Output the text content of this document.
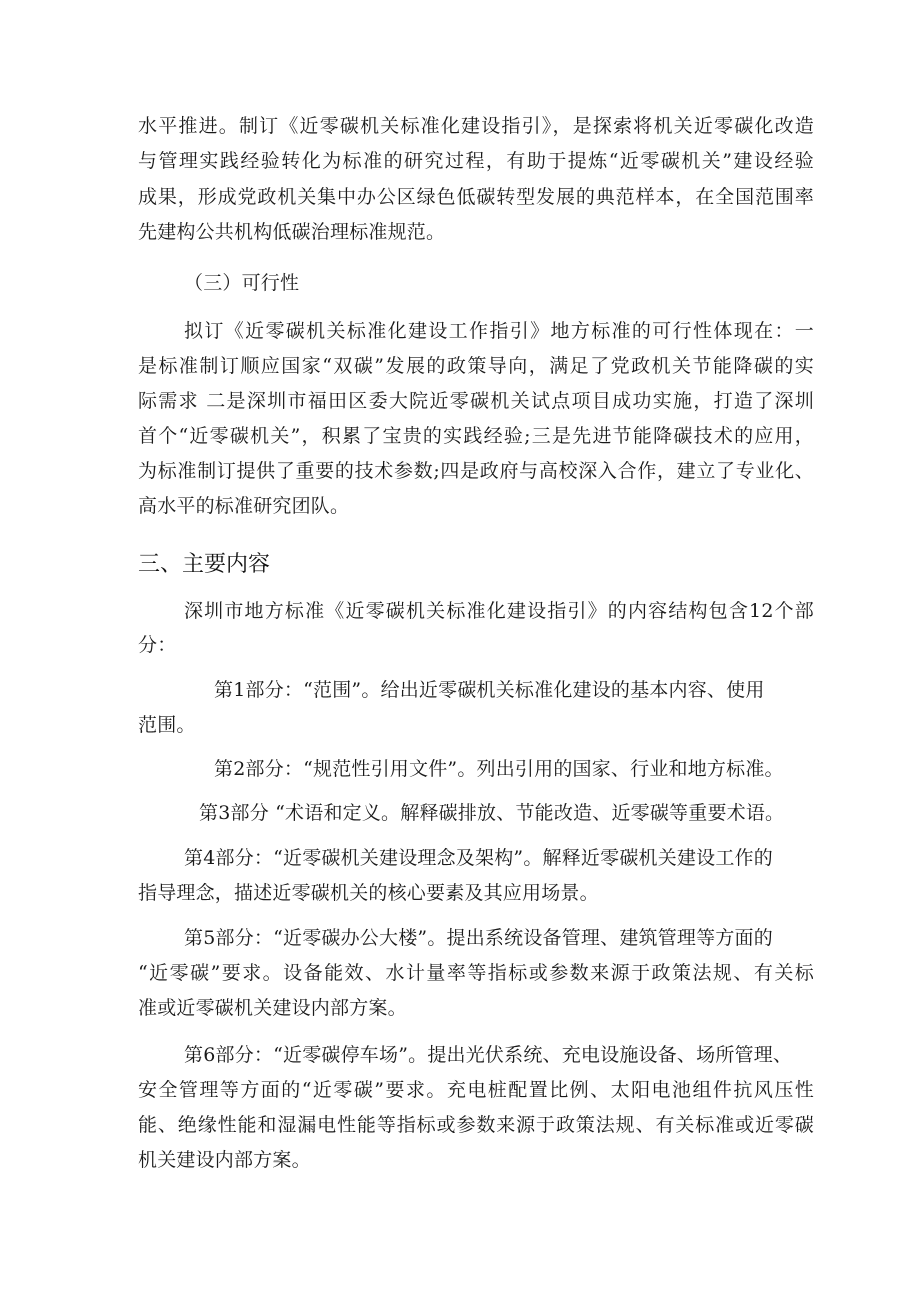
水平推进。制订《近零碳机关标准化建设指引》，是探索将机关近零碳化改造

与管理实践经验转化为标准的研究过程，有助于提炼“近零碳机关”建设经验

成果，形成党政机关集中办公区绿色低碳转型发展的典范样本，在全国范围率

先建构公共机构低碳治理标准规范。

（三）可行性

拟订《近零碳机关标准化建设工作指引》地方标准的可行性体现在：一

是标准制订顺应国家“双碳”发展的政策导向，满足了党政机关节能降碳的实

际需求 二是深圳市福田区委大院近零碳机关试点项目成功实施，打造了深圳

首个“近零碳机关”，积累了宝贵的实践经验;三是先进节能降碳技术的应用，

为标准制订提供了重要的技术参数;四是政府与高校深入合作，建立了专业化、

高水平的标准研究团队。

三、主要内容

深圳市地方标准《近零碳机关标准化建设指引》的内容结构包含12个部

分：

第1部分：“范围”。给出近零碳机关标准化建设的基本内容、使用

范围。

第2部分：“规范性引用文件”。列出引用的国家、行业和地方标准。

第3部分 “术语和定义。解释碳排放、节能改造、近零碳等重要术语。

第4部分：“近零碳机关建设理念及架构”。解释近零碳机关建设工作的

指导理念，描述近零碳机关的核心要素及其应用场景。

第5部分：“近零碳办公大楼”。提出系统设备管理、建筑管理等方面的

“近零碳”要求。设备能效、水计量率等指标或参数来源于政策法规、有关标

准或近零碳机关建设内部方案。

第6部分：“近零碳停车场”。提出光伏系统、充电设施设备、场所管理、

安全管理等方面的“近零碳”要求。充电桩配置比例、太阳电池组件抗风压性

能、绝缘性能和湿漏电性能等指标或参数来源于政策法规、有关标准或近零碳

机关建设内部方案。
